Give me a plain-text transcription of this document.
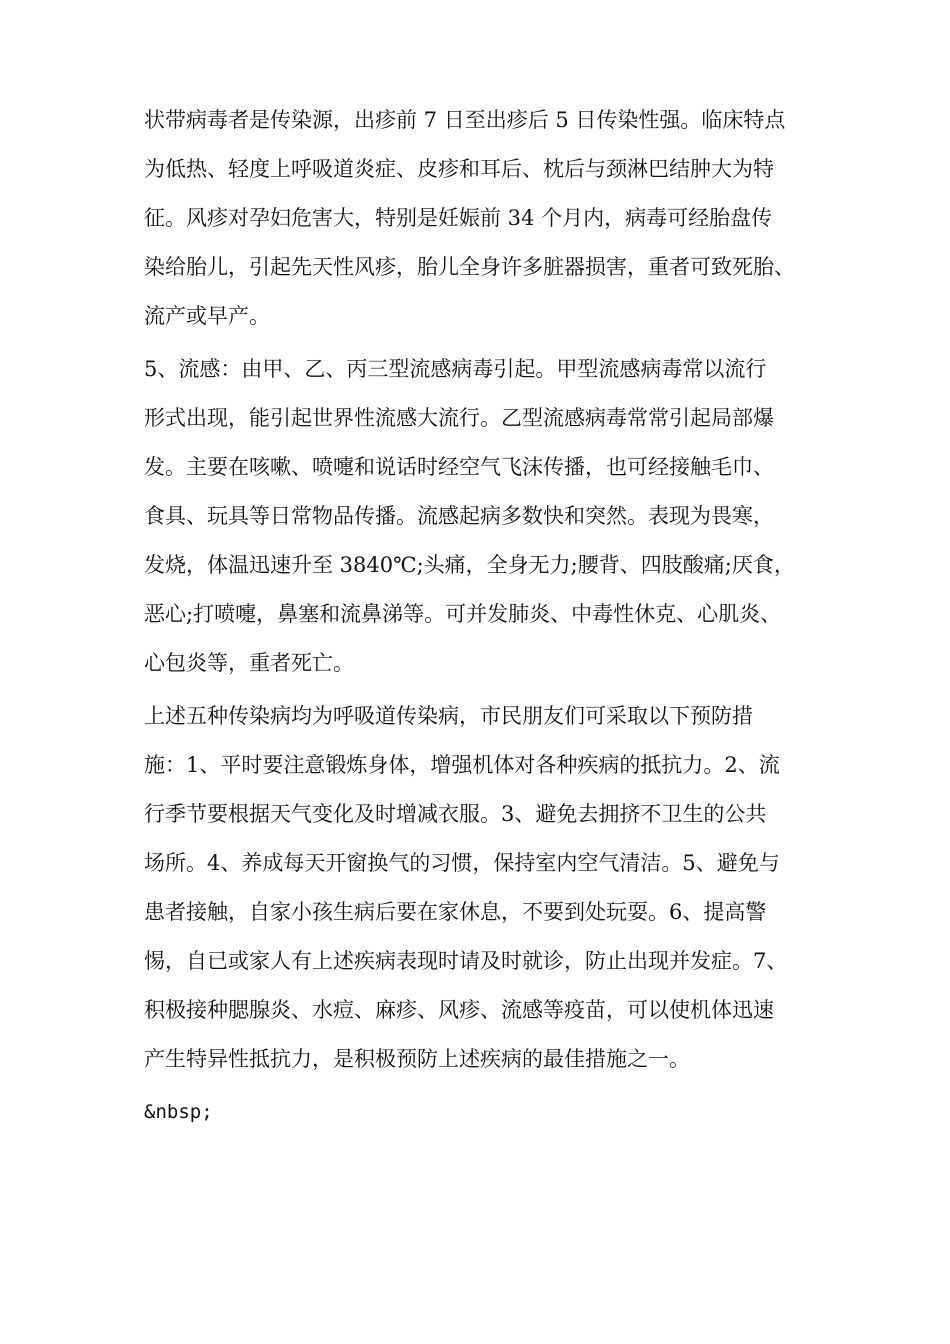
状带病毒者是传染源，出疹前 7 日至出疹后 5 日传染性强。临床特点
为低热、轻度上呼吸道炎症、皮疹和耳后、枕后与颈淋巴结肿大为特
征。风疹对孕妇危害大，特别是妊娠前 34 个月内，病毒可经胎盘传
染给胎儿，引起先天性风疹，胎儿全身许多脏器损害，重者可致死胎、
流产或早产。
5、流感：由甲、乙、丙三型流感病毒引起。甲型流感病毒常以流行
形式出现，能引起世界性流感大流行。乙型流感病毒常常引起局部爆
发。主要在咳嗽、喷嚏和说话时经空气飞沫传播，也可经接触毛巾、
食具、玩具等日常物品传播。流感起病多数快和突然。表现为畏寒，
发烧，体温迅速升至 3840℃;头痛，全身无力;腰背、四肢酸痛;厌食，
恶心;打喷嚏，鼻塞和流鼻涕等。可并发肺炎、中毒性休克、心肌炎、
心包炎等，重者死亡。
上述五种传染病均为呼吸道传染病，市民朋友们可采取以下预防措
施：1、平时要注意锻炼身体，增强机体对各种疾病的抵抗力。2、流
行季节要根据天气变化及时增减衣服。3、避免去拥挤不卫生的公共
场所。4、养成每天开窗换气的习惯，保持室内空气清洁。5、避免与
患者接触，自家小孩生病后要在家休息，不要到处玩耍。6、提高警
惕，自已或家人有上述疾病表现时请及时就诊，防止出现并发症。7、
积极接种腮腺炎、水痘、麻疹、风疹、流感等疫苗，可以使机体迅速
产生特异性抵抗力，是积极预防上述疾病的最佳措施之一。
&nbsp;
